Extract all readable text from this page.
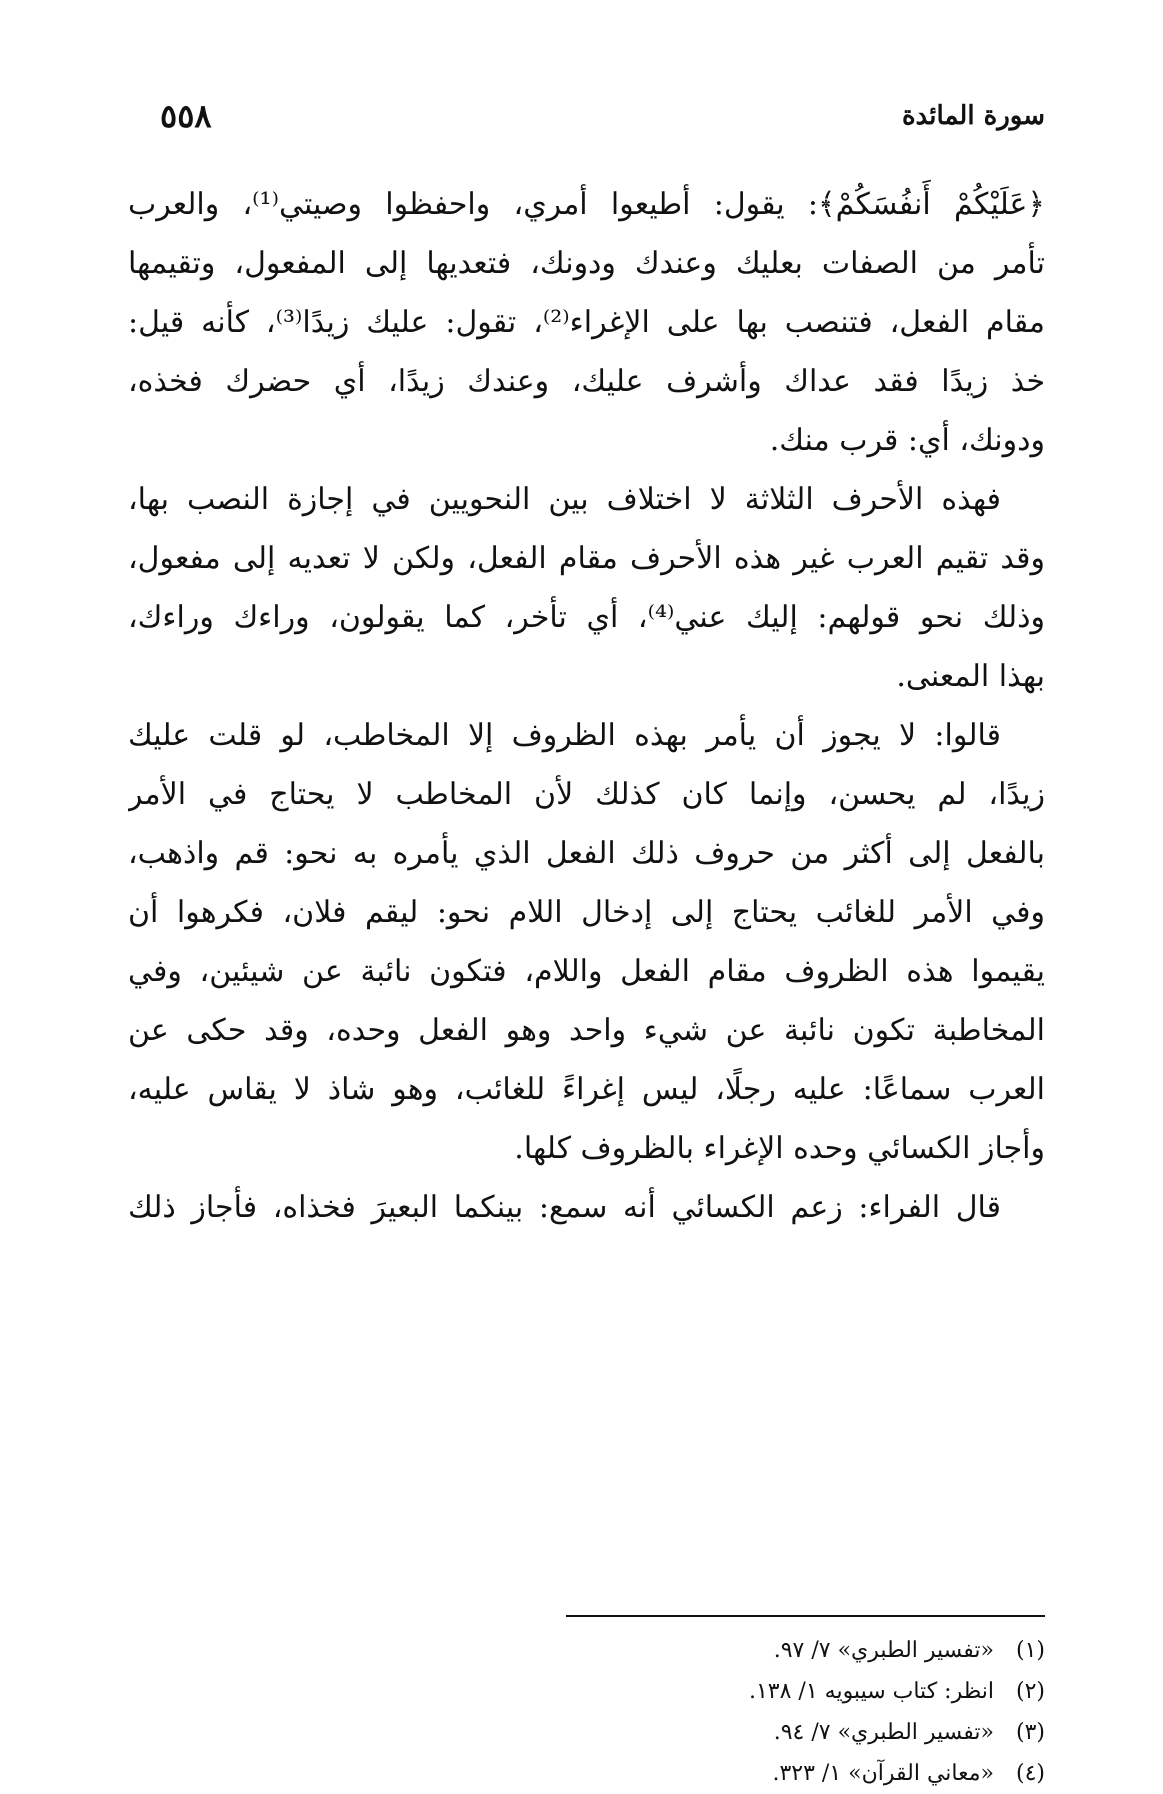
سورة المائدة
٥٥٨
﴿عَلَيْكُمْ أَنفُسَكُمْ﴾: يقول: أطيعوا أمري، واحفظوا وصيتي⁽¹⁾، والعرب
تأمر من الصفات بعليك وعندك ودونك، فتعديها إلى المفعول، وتقيمها
مقام الفعل، فتنصب بها على الإغراء⁽²⁾، تقول: عليك زيدًا⁽³⁾، كأنه قيل:
خذ زيدًا فقد عداك وأشرف عليك، وعندك زيدًا، أي حضرك فخذه،
ودونك، أي: قرب منك.
فهذه الأحرف الثلاثة لا اختلاف بين النحويين في إجازة النصب بها،
وقد تقيم العرب غير هذه الأحرف مقام الفعل، ولكن لا تعديه إلى مفعول،
وذلك نحو قولهم: إليك عني⁽⁴⁾، أي تأخر، كما يقولون، وراءك وراءك،
بهذا المعنى.
قالوا: لا يجوز أن يأمر بهذه الظروف إلا المخاطب، لو قلت عليك
زيدًا، لم يحسن، وإنما كان كذلك لأن المخاطب لا يحتاج في الأمر
بالفعل إلى أكثر من حروف ذلك الفعل الذي يأمره به نحو: قم واذهب،
وفي الأمر للغائب يحتاج إلى إدخال اللام نحو: ليقم فلان، فكرهوا أن
يقيموا هذه الظروف مقام الفعل واللام، فتكون نائبة عن شيئين، وفي
المخاطبة تكون نائبة عن شيء واحد وهو الفعل وحده، وقد حكى عن
العرب سماعًا: عليه رجلًا، ليس إغراءً للغائب، وهو شاذ لا يقاس عليه،
وأجاز الكسائي وحده الإغراء بالظروف كلها.
قال الفراء: زعم الكسائي أنه سمع: بينكما البعيرَ فخذاه، فأجاز ذلك
(١) «تفسير الطبري» ٧/ ٩٧.
(٢) انظر: كتاب سيبويه ١/ ١٣٨.
(٣) «تفسير الطبري» ٧/ ٩٤.
(٤) «معاني القرآن» ١/ ٣٢٣.
